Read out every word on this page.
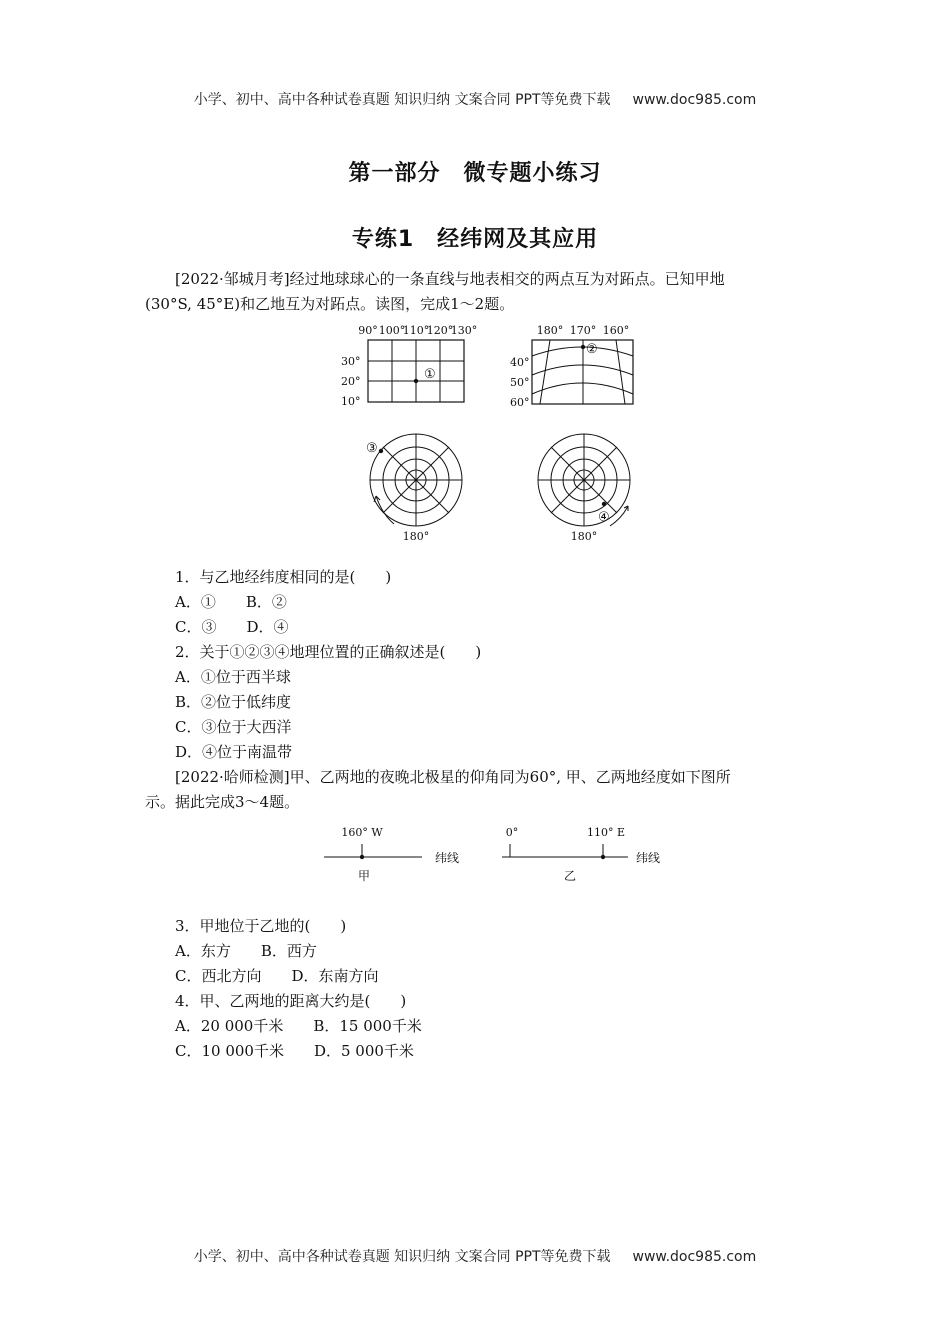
小学、初中、高中各种试卷真题 知识归纳 文案合同 PPT等免费下载 www.doc985.com
第一部分　微专题小练习
专练1　经纬网及其应用
[2022·邹城月考]经过地球球心的一条直线与地表相交的两点互为对跖点。已知甲地
(30°S, 45°E)和乙地互为对跖点。读图，完成1～2题。
90° 100°
110°
120°
130°
30°
20°
10°
①
180° 170° 160°
40°
50°
60°
②
③
180°
④
180°
1．与乙地经纬度相同的是(　　)
A．① B．②
C．③ D．④
2．关于①②③④地理位置的正确叙述是(　　)
A．①位于西半球
B．②位于低纬度
C．③位于大西洋
D．④位于南温带
[2022·哈师检测]甲、乙两地的夜晚北极星的仰角同为60°, 甲、乙两地经度如下图所
示。据此完成3～4题。
160° W
纬线
甲
0°	110° E
纬线
乙
3．甲地位于乙地的(　　)
A．东方 B．西方
C．西北方向 D．东南方向
4．甲、乙两地的距离大约是(　　)
A．20 000千米 B．15 000千米
C．10 000千米 D．5 000千米
小学、初中、高中各种试卷真题 知识归纳 文案合同 PPT等免费下载 www.doc985.com
